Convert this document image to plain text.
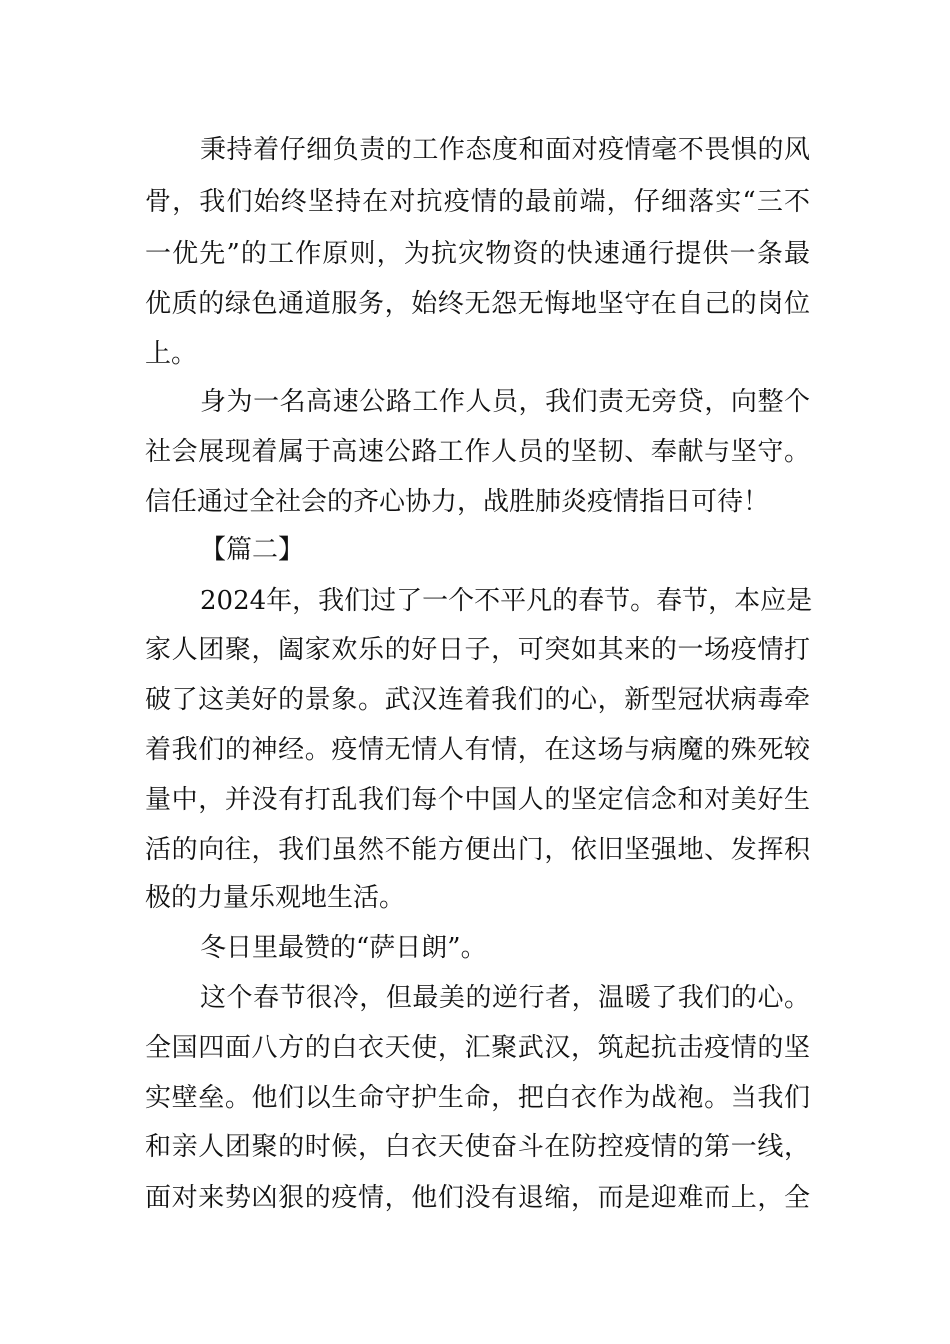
秉持着仔细负责的工作态度和面对疫情毫不畏惧的风
骨，我们始终坚持在对抗疫情的最前端，仔细落实“三不
一优先”的工作原则，为抗灾物资的快速通行提供一条最
优质的绿色通道服务，始终无怨无悔地坚守在自己的岗位
上。
身为一名高速公路工作人员，我们责无旁贷，向整个
社会展现着属于高速公路工作人员的坚韧、奉献与坚守。
信任通过全社会的齐心协力，战胜肺炎疫情指日可待！
【篇二】
2024年，我们过了一个不平凡的春节。春节，本应是
家人团聚，阖家欢乐的好日子，可突如其来的一场疫情打
破了这美好的景象。武汉连着我们的心，新型冠状病毒牵
着我们的神经。疫情无情人有情，在这场与病魔的殊死较
量中，并没有打乱我们每个中国人的坚定信念和对美好生
活的向往，我们虽然不能方便出门，依旧坚强地、发挥积
极的力量乐观地生活。
冬日里最赞的“萨日朗”。
这个春节很冷，但最美的逆行者，温暖了我们的心。
全国四面八方的白衣天使，汇聚武汉，筑起抗击疫情的坚
实壁垒。他们以生命守护生命，把白衣作为战袍。当我们
和亲人团聚的时候，白衣天使奋斗在防控疫情的第一线，
面对来势凶狠的疫情，他们没有退缩，而是迎难而上，全
